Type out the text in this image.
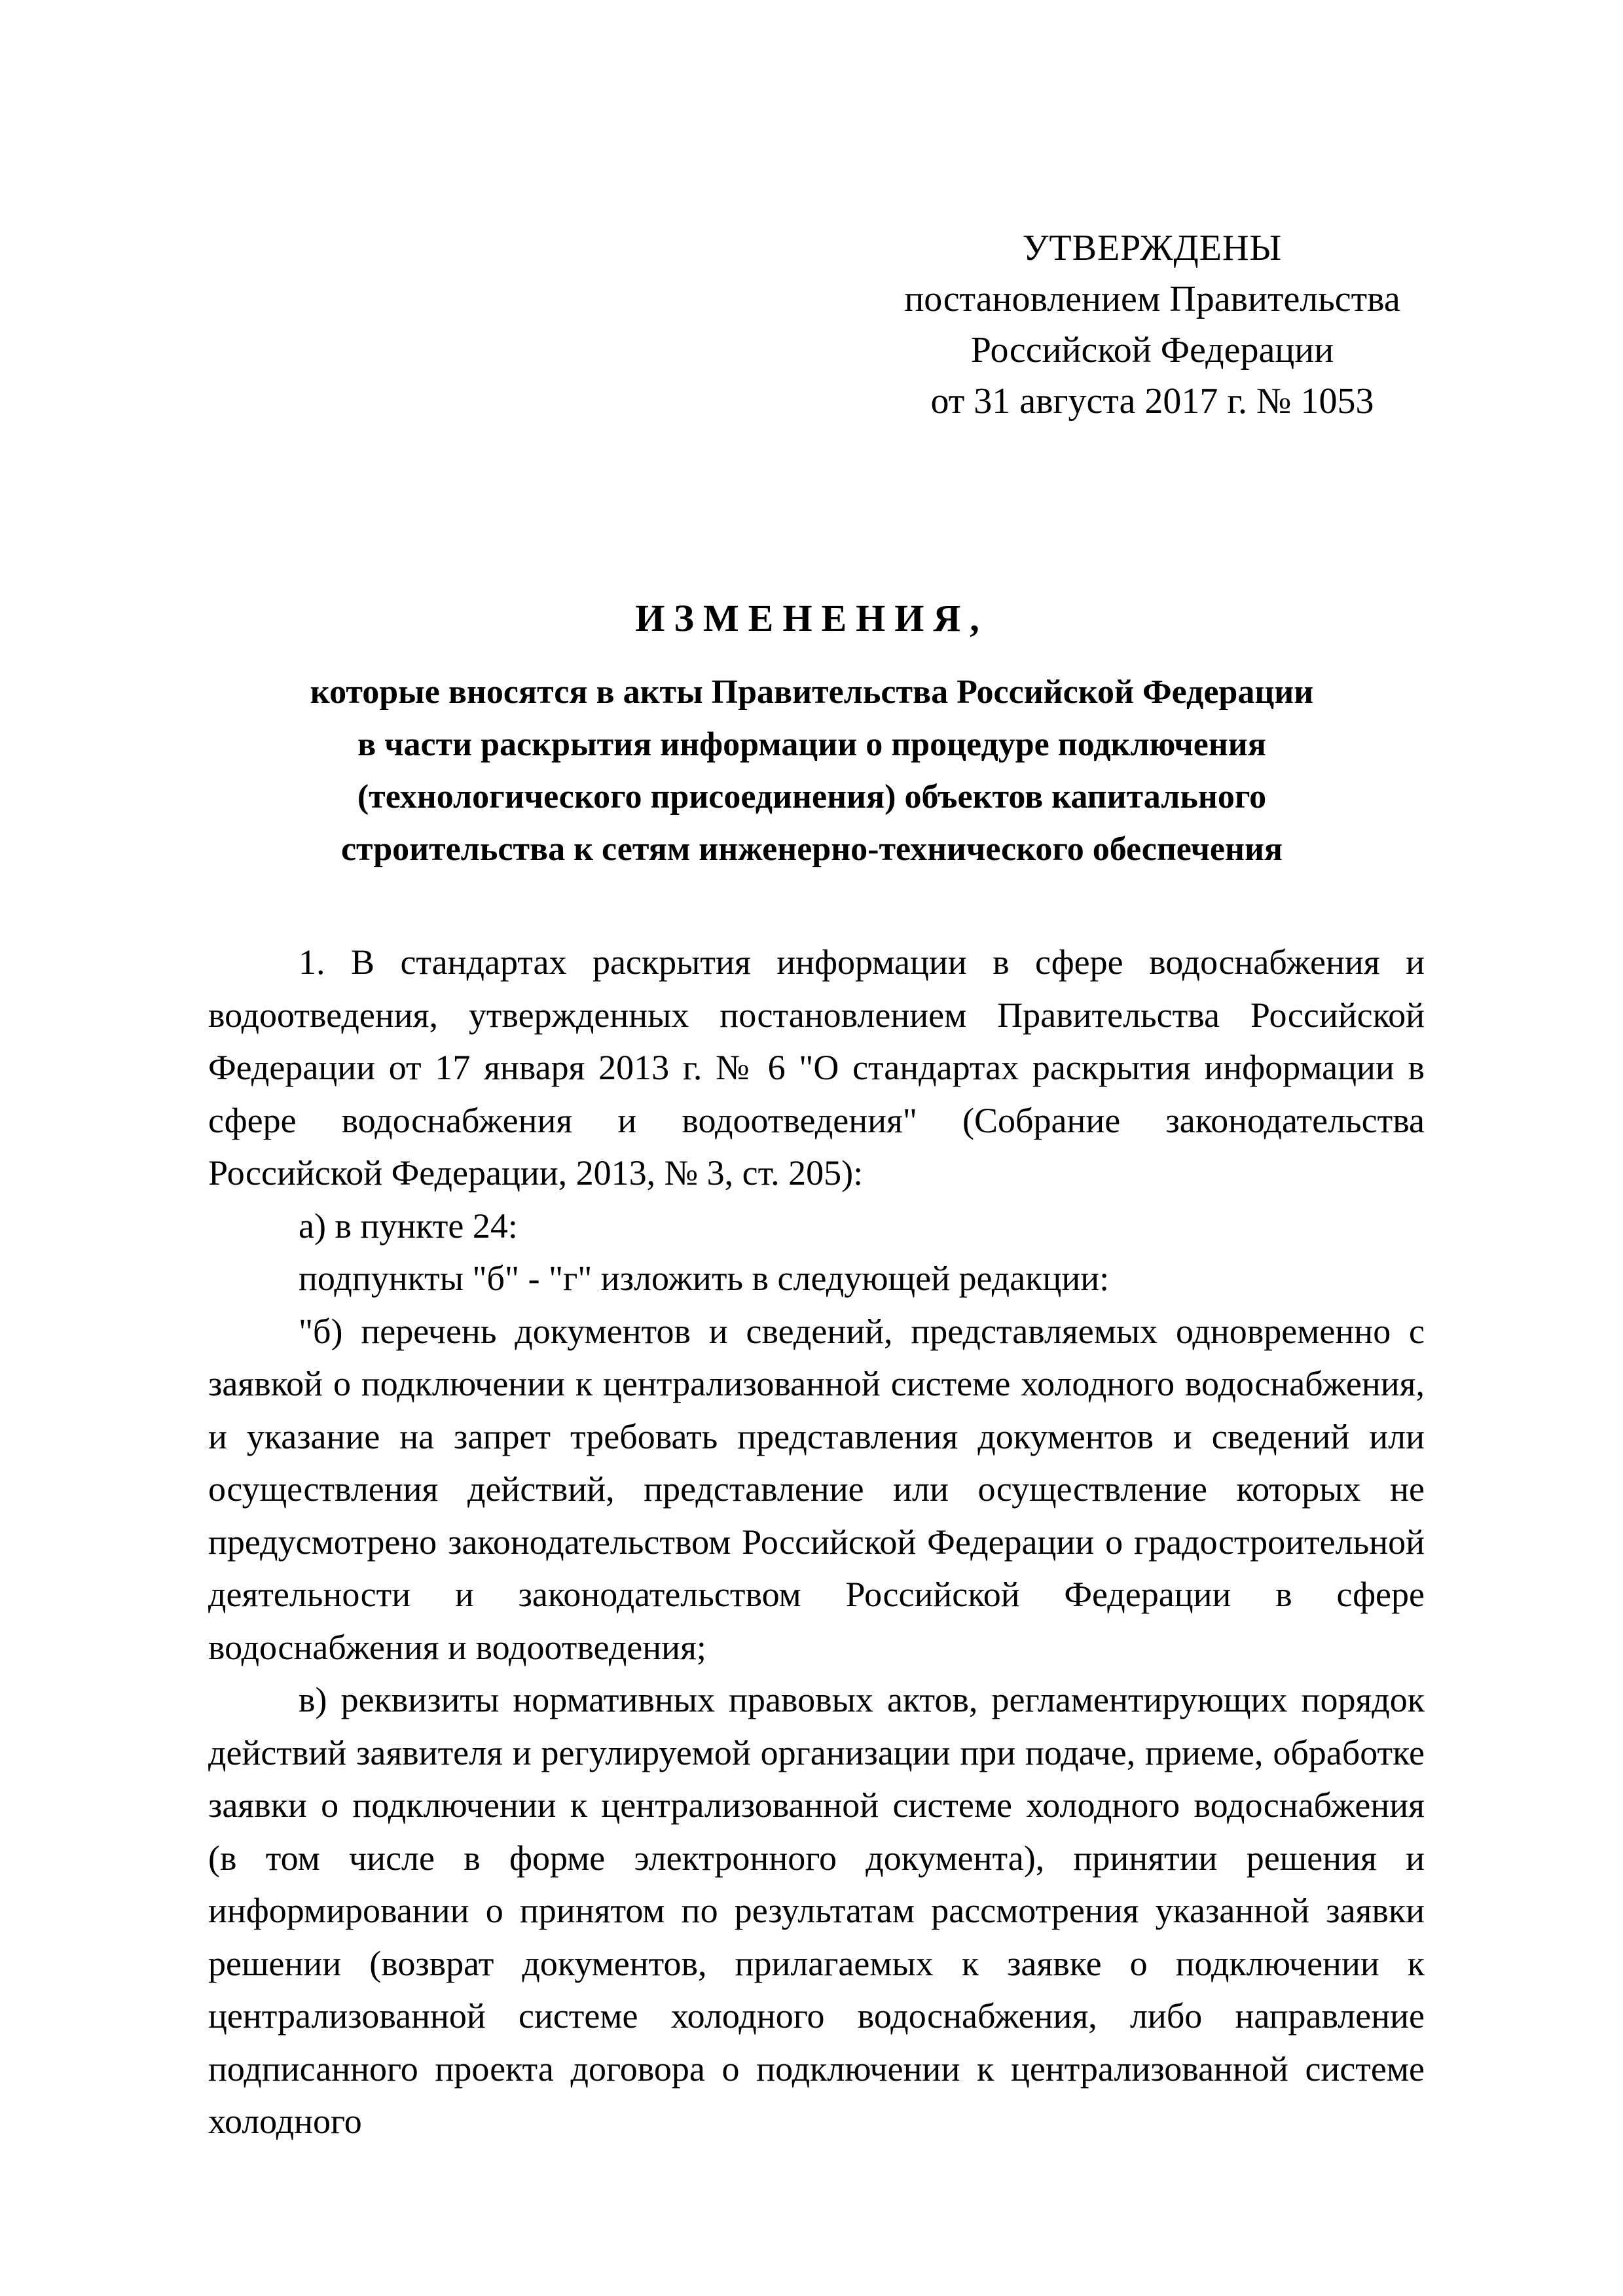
УТВЕРЖДЕНЫ
постановлением Правительства
Российской Федерации
от 31 августа 2017 г. № 1053
ИЗМЕНЕНИЯ,
которые вносятся в акты Правительства Российской Федерации
в части раскрытия информации о процедуре подключения
(технологического присоединения) объектов капитального
строительства к сетям инженерно-технического обеспечения

1. В стандартах раскрытия информации в сфере водоснабжения и водоотведения, утвержденных постановлением Правительства Российской Федерации от 17 января 2013 г. № 6 "О стандартах раскрытия информации в сфере водоснабжения и водоотведения" (Собрание законодательства Российской Федерации, 2013, № 3, ст. 205):

а) в пункте 24:

подпункты "б" - "г" изложить в следующей редакции:

"б) перечень документов и сведений, представляемых одновременно с заявкой о подключении к централизованной системе холодного водоснабжения, и указание на запрет требовать представления документов и сведений или осуществления действий, представление или осуществление которых не предусмотрено законодательством Российской Федерации о градостроительной деятельности и законодательством Российской Федерации в сфере водоснабжения и водоотведения;

в) реквизиты нормативных правовых актов, регламентирующих порядок действий заявителя и регулируемой организации при подаче, приеме, обработке заявки о подключении к централизованной системе холодного водоснабжения (в том числе в форме электронного документа), принятии решения и информировании о принятом по результатам рассмотрения указанной заявки решении (возврат документов, прилагаемых к заявке о подключении к централизованной системе холодного водоснабжения, либо направление подписанного проекта договора о подключении к централизованной системе холодного
